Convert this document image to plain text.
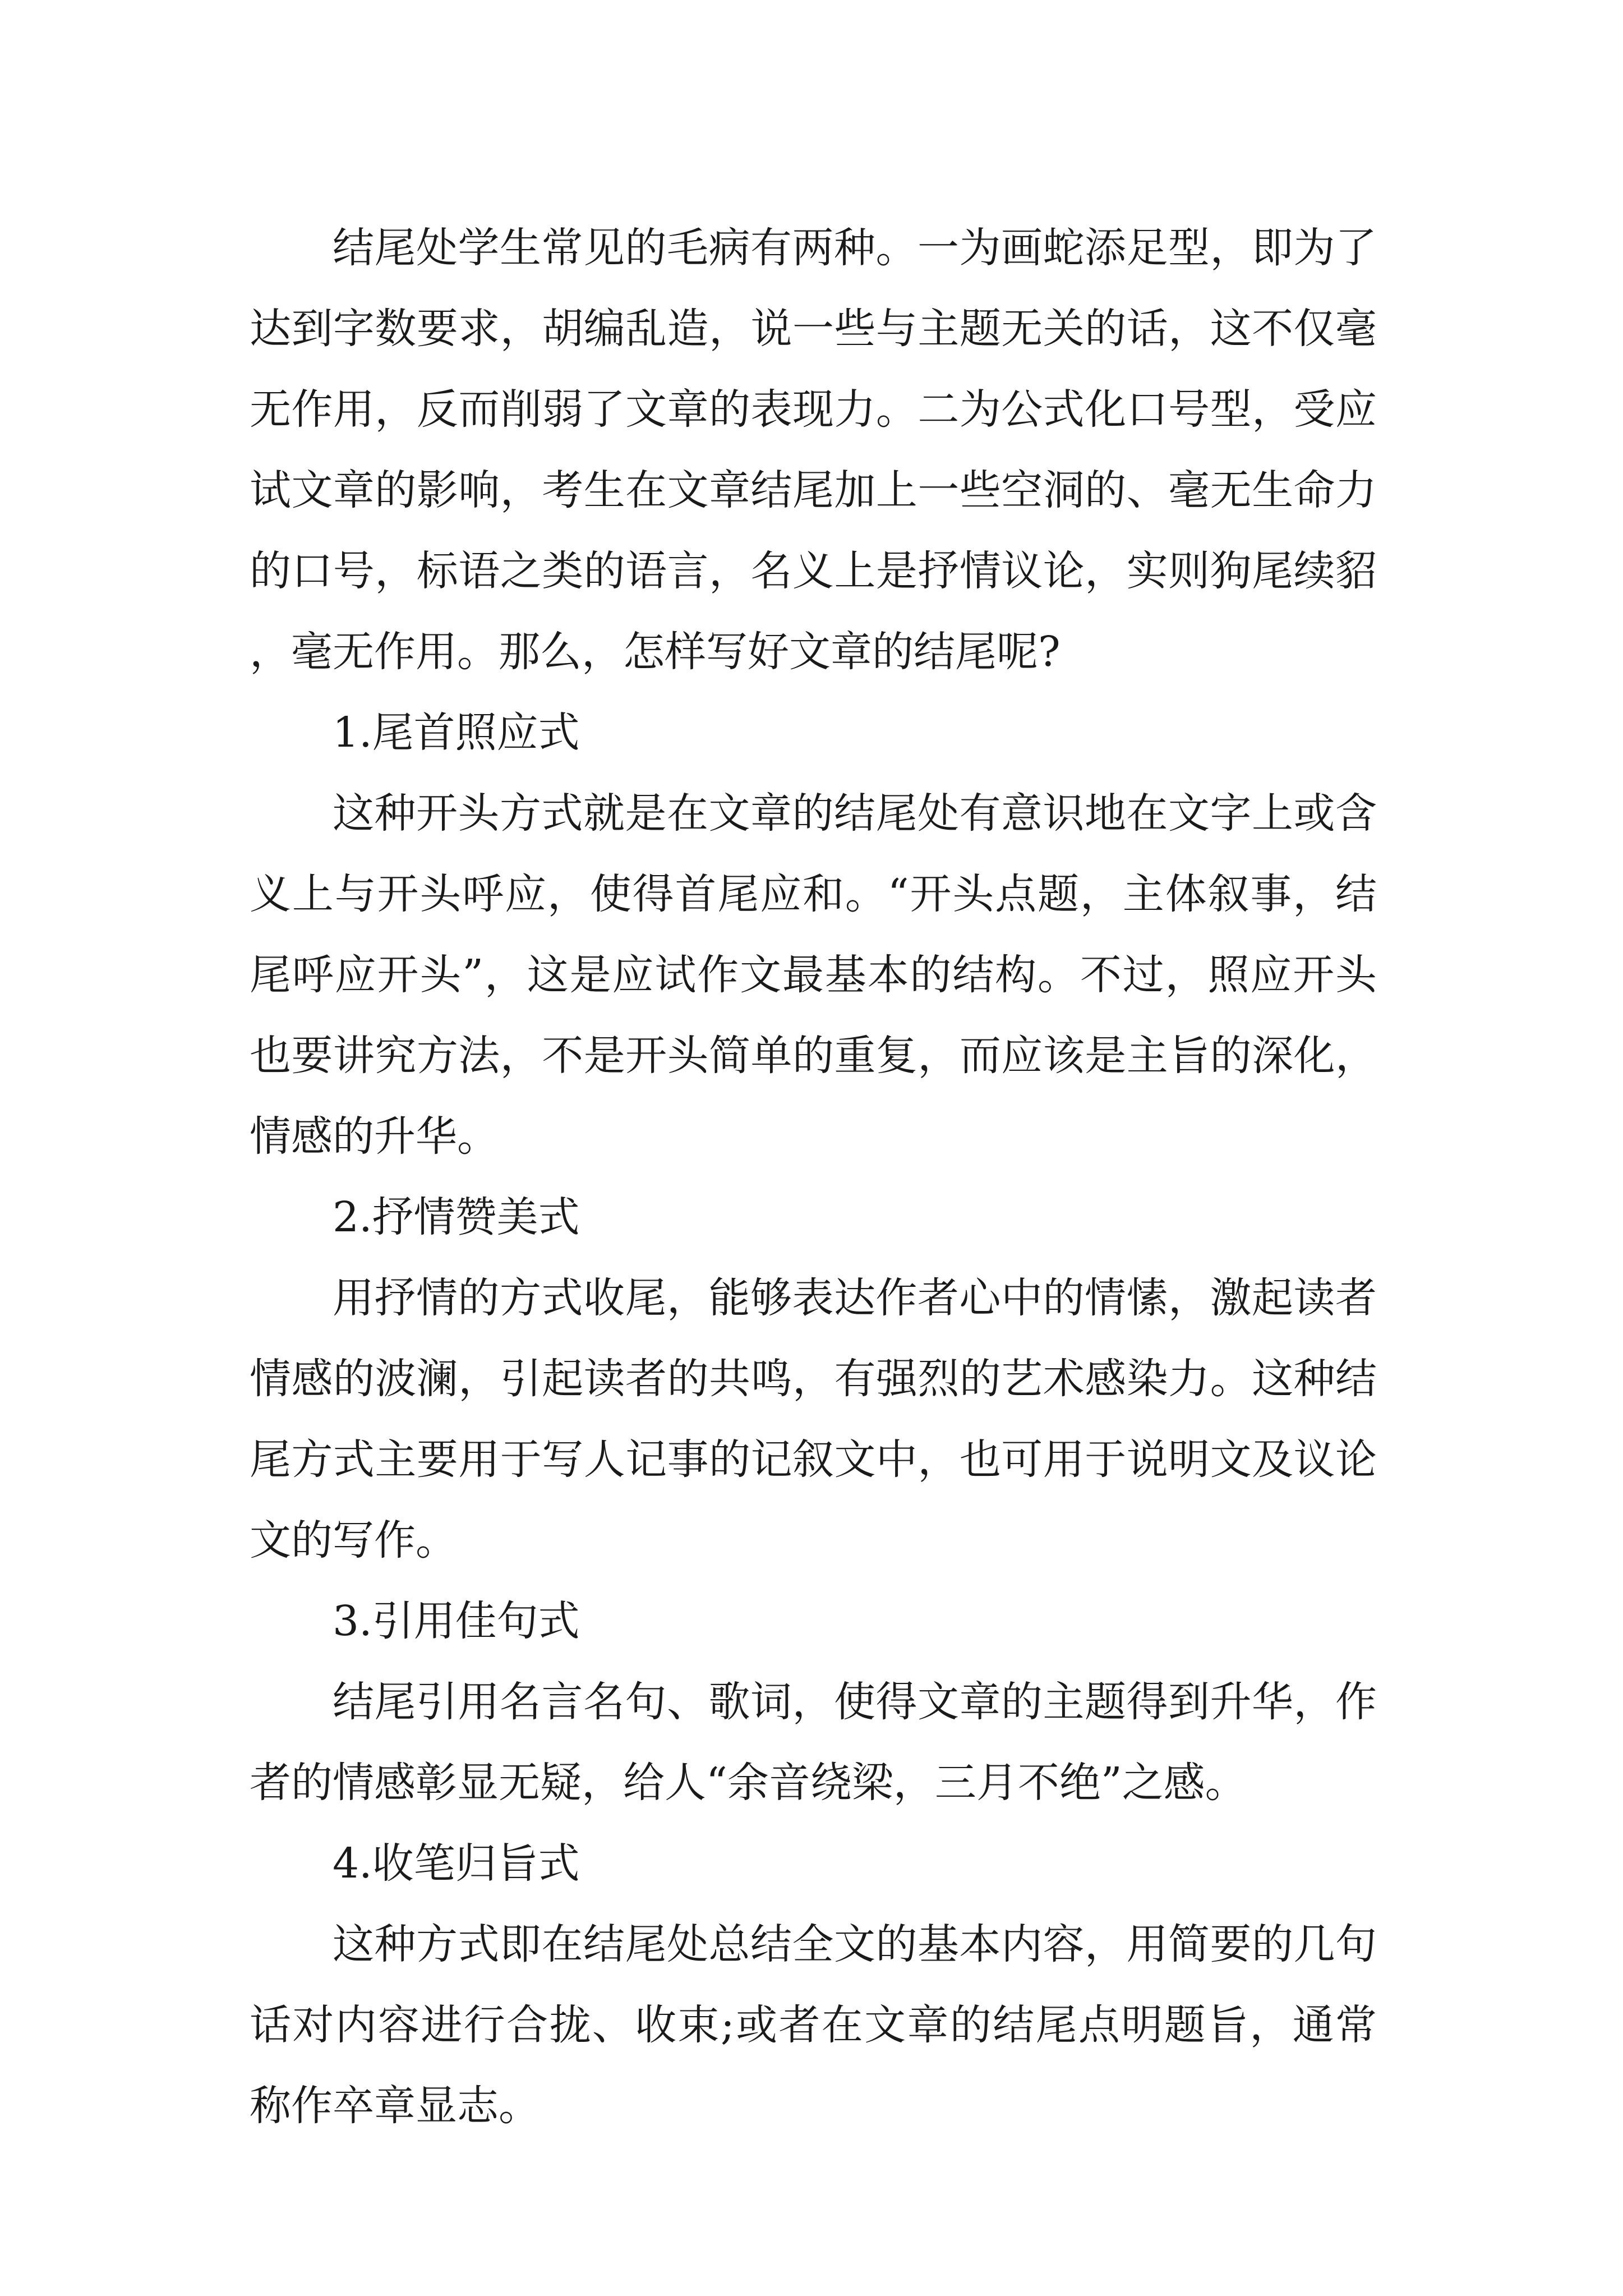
结尾处学生常见的毛病有两种。一为画蛇添足型，即为了达到字数要求，胡编乱造，说一些与主题无关的话，这不仅毫无作用，反而削弱了文章的表现力。二为公式化口号型，受应试文章的影响，考生在文章结尾加上一些空洞的、毫无生命力的口号，标语之类的语言，名义上是抒情议论，实则狗尾续貂，毫无作用。那么，怎样写好文章的结尾呢?

1.尾首照应式

这种开头方式就是在文章的结尾处有意识地在文字上或含义上与开头呼应，使得首尾应和。“开头点题，主体叙事，结尾呼应开头”，这是应试作文最基本的结构。不过，照应开头也要讲究方法，不是开头简单的重复，而应该是主旨的深化，情感的升华。

2.抒情赞美式

用抒情的方式收尾，能够表达作者心中的情愫，激起读者情感的波澜，引起读者的共鸣，有强烈的艺术感染力。这种结尾方式主要用于写人记事的记叙文中，也可用于说明文及议论文的写作。

3.引用佳句式

结尾引用名言名句、歌词，使得文章的主题得到升华，作者的情感彰显无疑，给人“余音绕梁，三月不绝”之感。

4.收笔归旨式

这种方式即在结尾处总结全文的基本内容，用简要的几句话对内容进行合拢、收束;或者在文章的结尾点明题旨，通常称作卒章显志。
